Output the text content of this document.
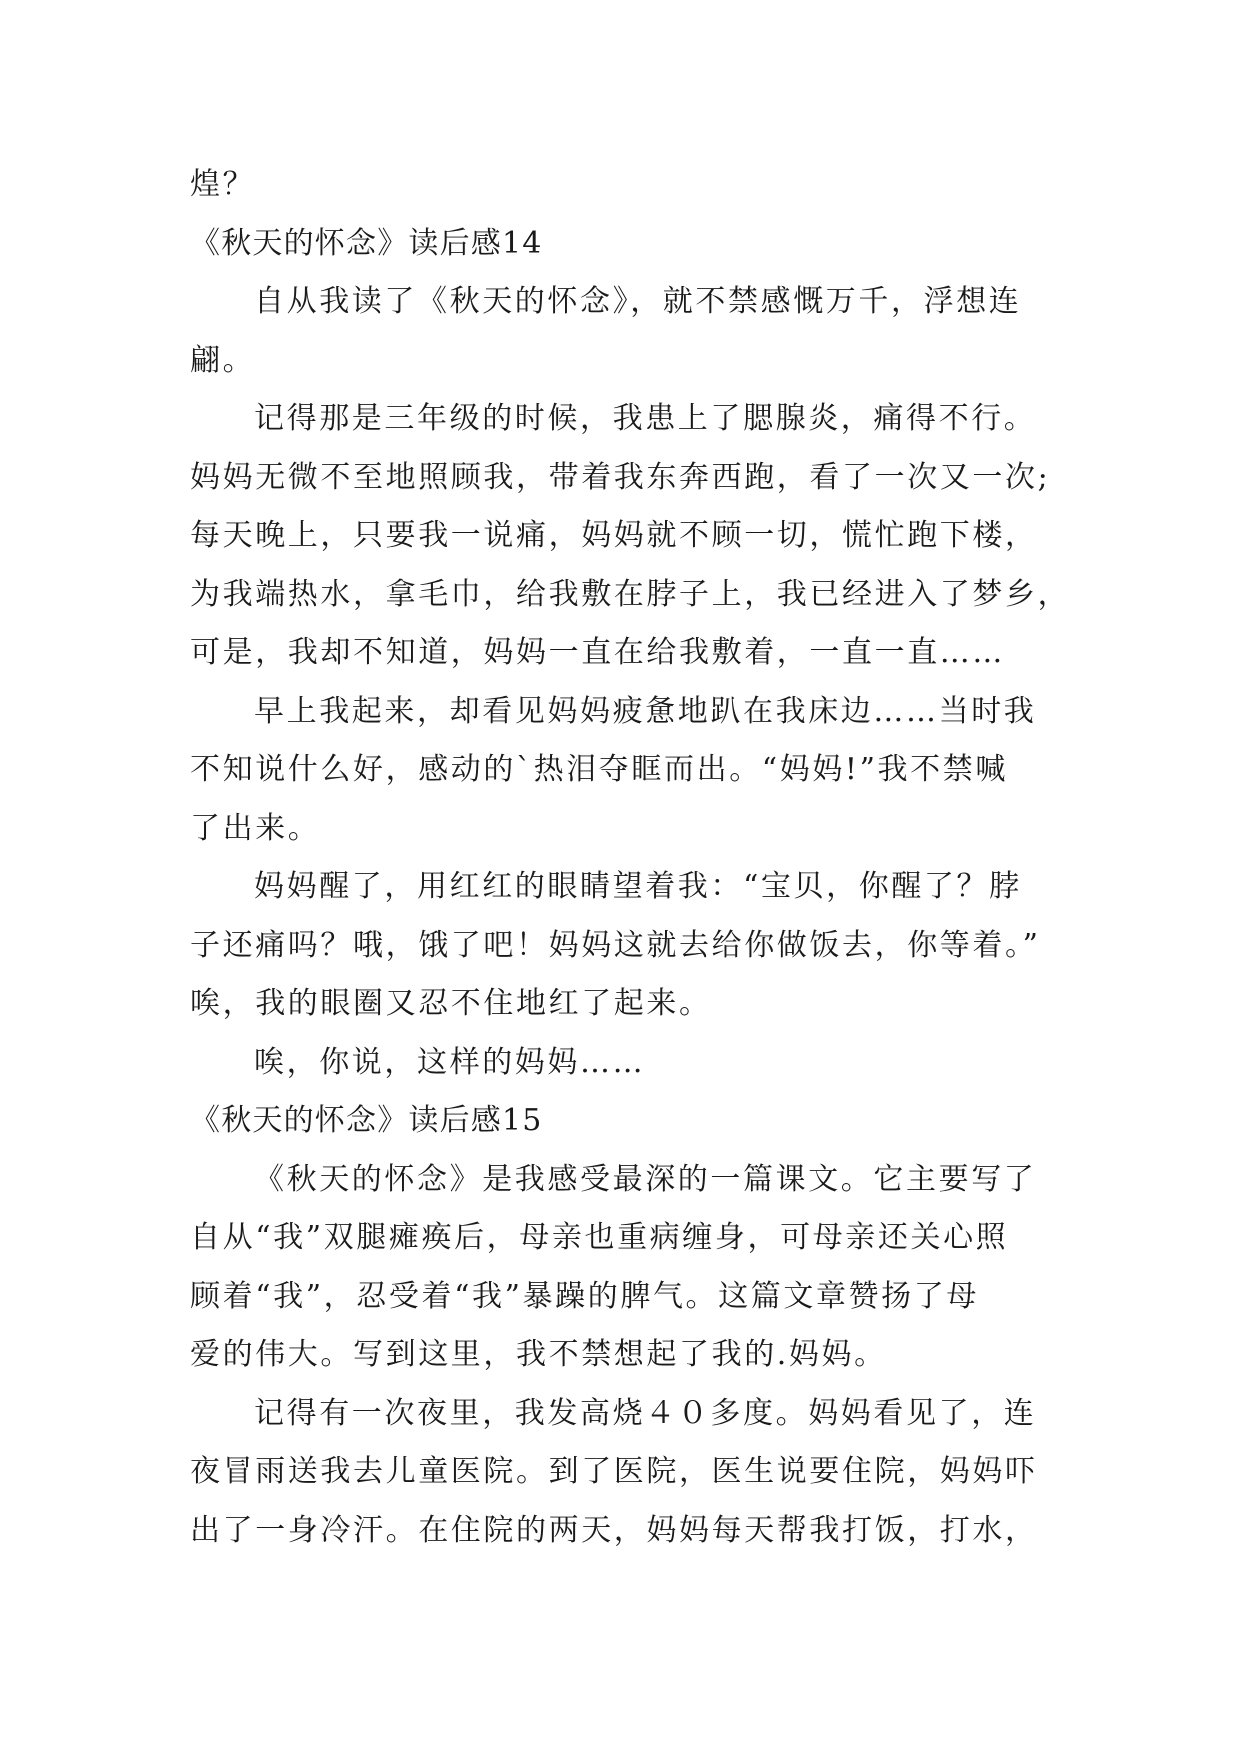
煌？
《秋天的怀念》读后感14
自从我读了《秋天的怀念》，就不禁感慨万千，浮想连
翩。
记得那是三年级的时候，我患上了腮腺炎，痛得不行。
妈妈无微不至地照顾我，带着我东奔西跑，看了一次又一次;
每天晚上，只要我一说痛，妈妈就不顾一切，慌忙跑下楼，
为我端热水，拿毛巾，给我敷在脖子上，我已经进入了梦乡，
可是，我却不知道，妈妈一直在给我敷着，一直一直……
早上我起来，却看见妈妈疲惫地趴在我床边……当时我
不知说什么好，感动的`热泪夺眶而出。“妈妈!”我不禁喊
了出来。
妈妈醒了，用红红的眼睛望着我：“宝贝，你醒了？脖
子还痛吗？哦，饿了吧！妈妈这就去给你做饭去，你等着。”
唉，我的眼圈又忍不住地红了起来。
唉，你说，这样的妈妈……
《秋天的怀念》读后感15
《秋天的怀念》是我感受最深的一篇课文。它主要写了
自从“我”双腿瘫痪后，母亲也重病缠身，可母亲还关心照
顾着“我”，忍受着“我”暴躁的脾气。这篇文章赞扬了母
爱的伟大。写到这里，我不禁想起了我的.妈妈。
记得有一次夜里，我发高烧４０多度。妈妈看见了，连
夜冒雨送我去儿童医院。到了医院，医生说要住院，妈妈吓
出了一身冷汗。在住院的两天，妈妈每天帮我打饭，打水，
